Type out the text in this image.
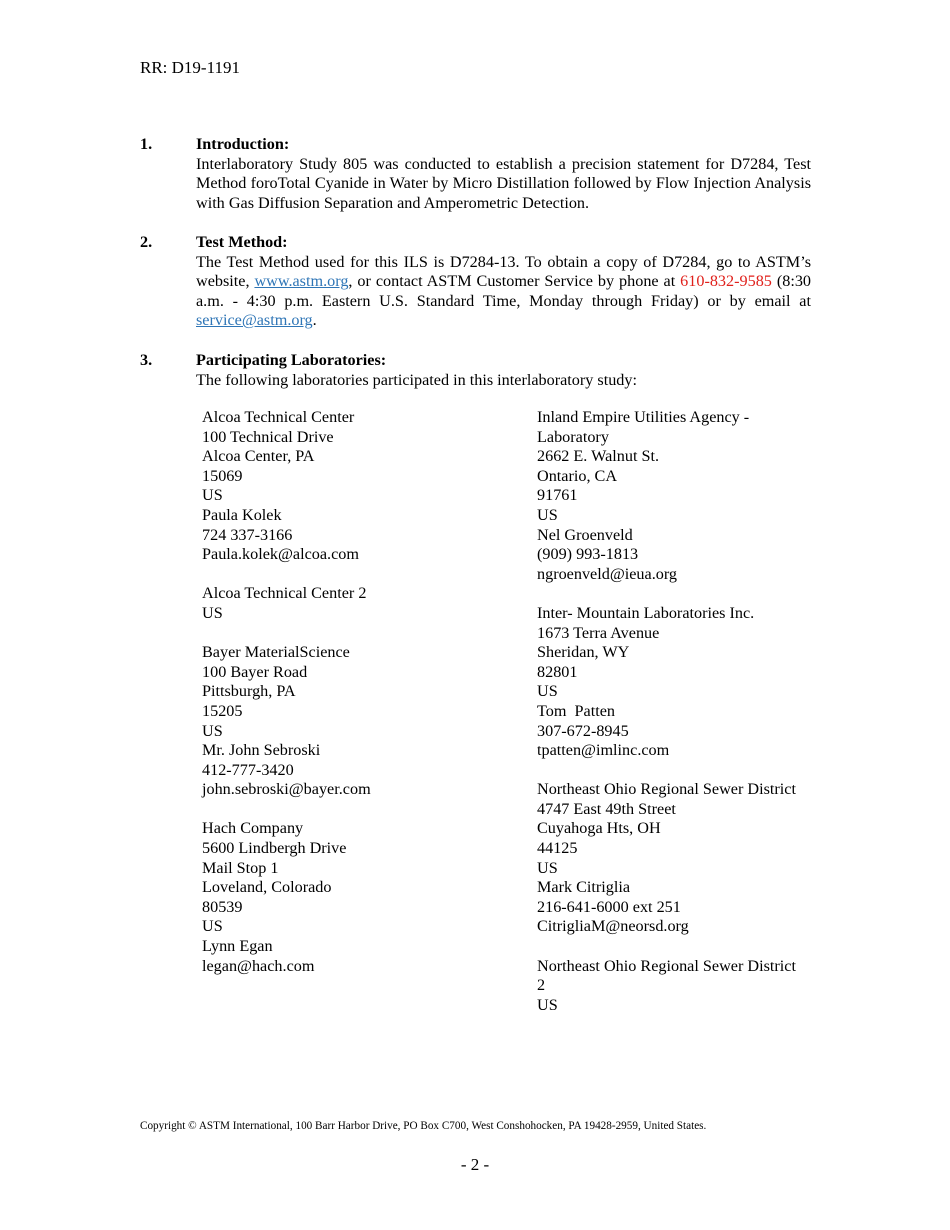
RR: D19-1191
1.	Introduction:
Interlaboratory Study 805 was conducted to establish a precision statement for D7284, Test Method foroTotal Cyanide in Water by Micro Distillation followed by Flow Injection Analysis with Gas Diffusion Separation and Amperometric Detection.
2.	Test Method:
The Test Method used for this ILS is D7284-13. To obtain a copy of D7284, go to ASTM’s website, www.astm.org, or contact ASTM Customer Service by phone at 610-832-9585 (8:30 a.m. - 4:30 p.m. Eastern U.S. Standard Time, Monday through Friday) or by email at service@astm.org.
3.	Participating Laboratories:
The following laboratories participated in this interlaboratory study:
Alcoa Technical Center
100 Technical Drive
Alcoa Center, PA
15069
US
Paula Kolek
724 337-3166
Paula.kolek@alcoa.com
Alcoa Technical Center 2
US
Bayer MaterialScience
100 Bayer Road
Pittsburgh, PA
15205
US
Mr. John Sebroski
412-777-3420
john.sebroski@bayer.com
Hach Company
5600 Lindbergh Drive
Mail Stop 1
Loveland, Colorado
80539
US
Lynn Egan
legan@hach.com
Inland Empire Utilities Agency - Laboratory
2662 E. Walnut St.
Ontario, CA
91761
US
Nel Groenveld
(909) 993-1813
ngroenveld@ieua.org
Inter- Mountain Laboratories Inc.
1673 Terra Avenue
Sheridan, WY
82801
US
Tom  Patten
307-672-8945
tpatten@imlinc.com
Northeast Ohio Regional Sewer District
4747 East 49th Street
Cuyahoga Hts, OH
44125
US
Mark Citriglia
216-641-6000 ext 251
CitrigliaM@neorsd.org
Northeast Ohio Regional Sewer District
2
US
Copyright © ASTM International, 100 Barr Harbor Drive, PO Box C700, West Conshohocken, PA 19428-2959, United States.
- 2 -
